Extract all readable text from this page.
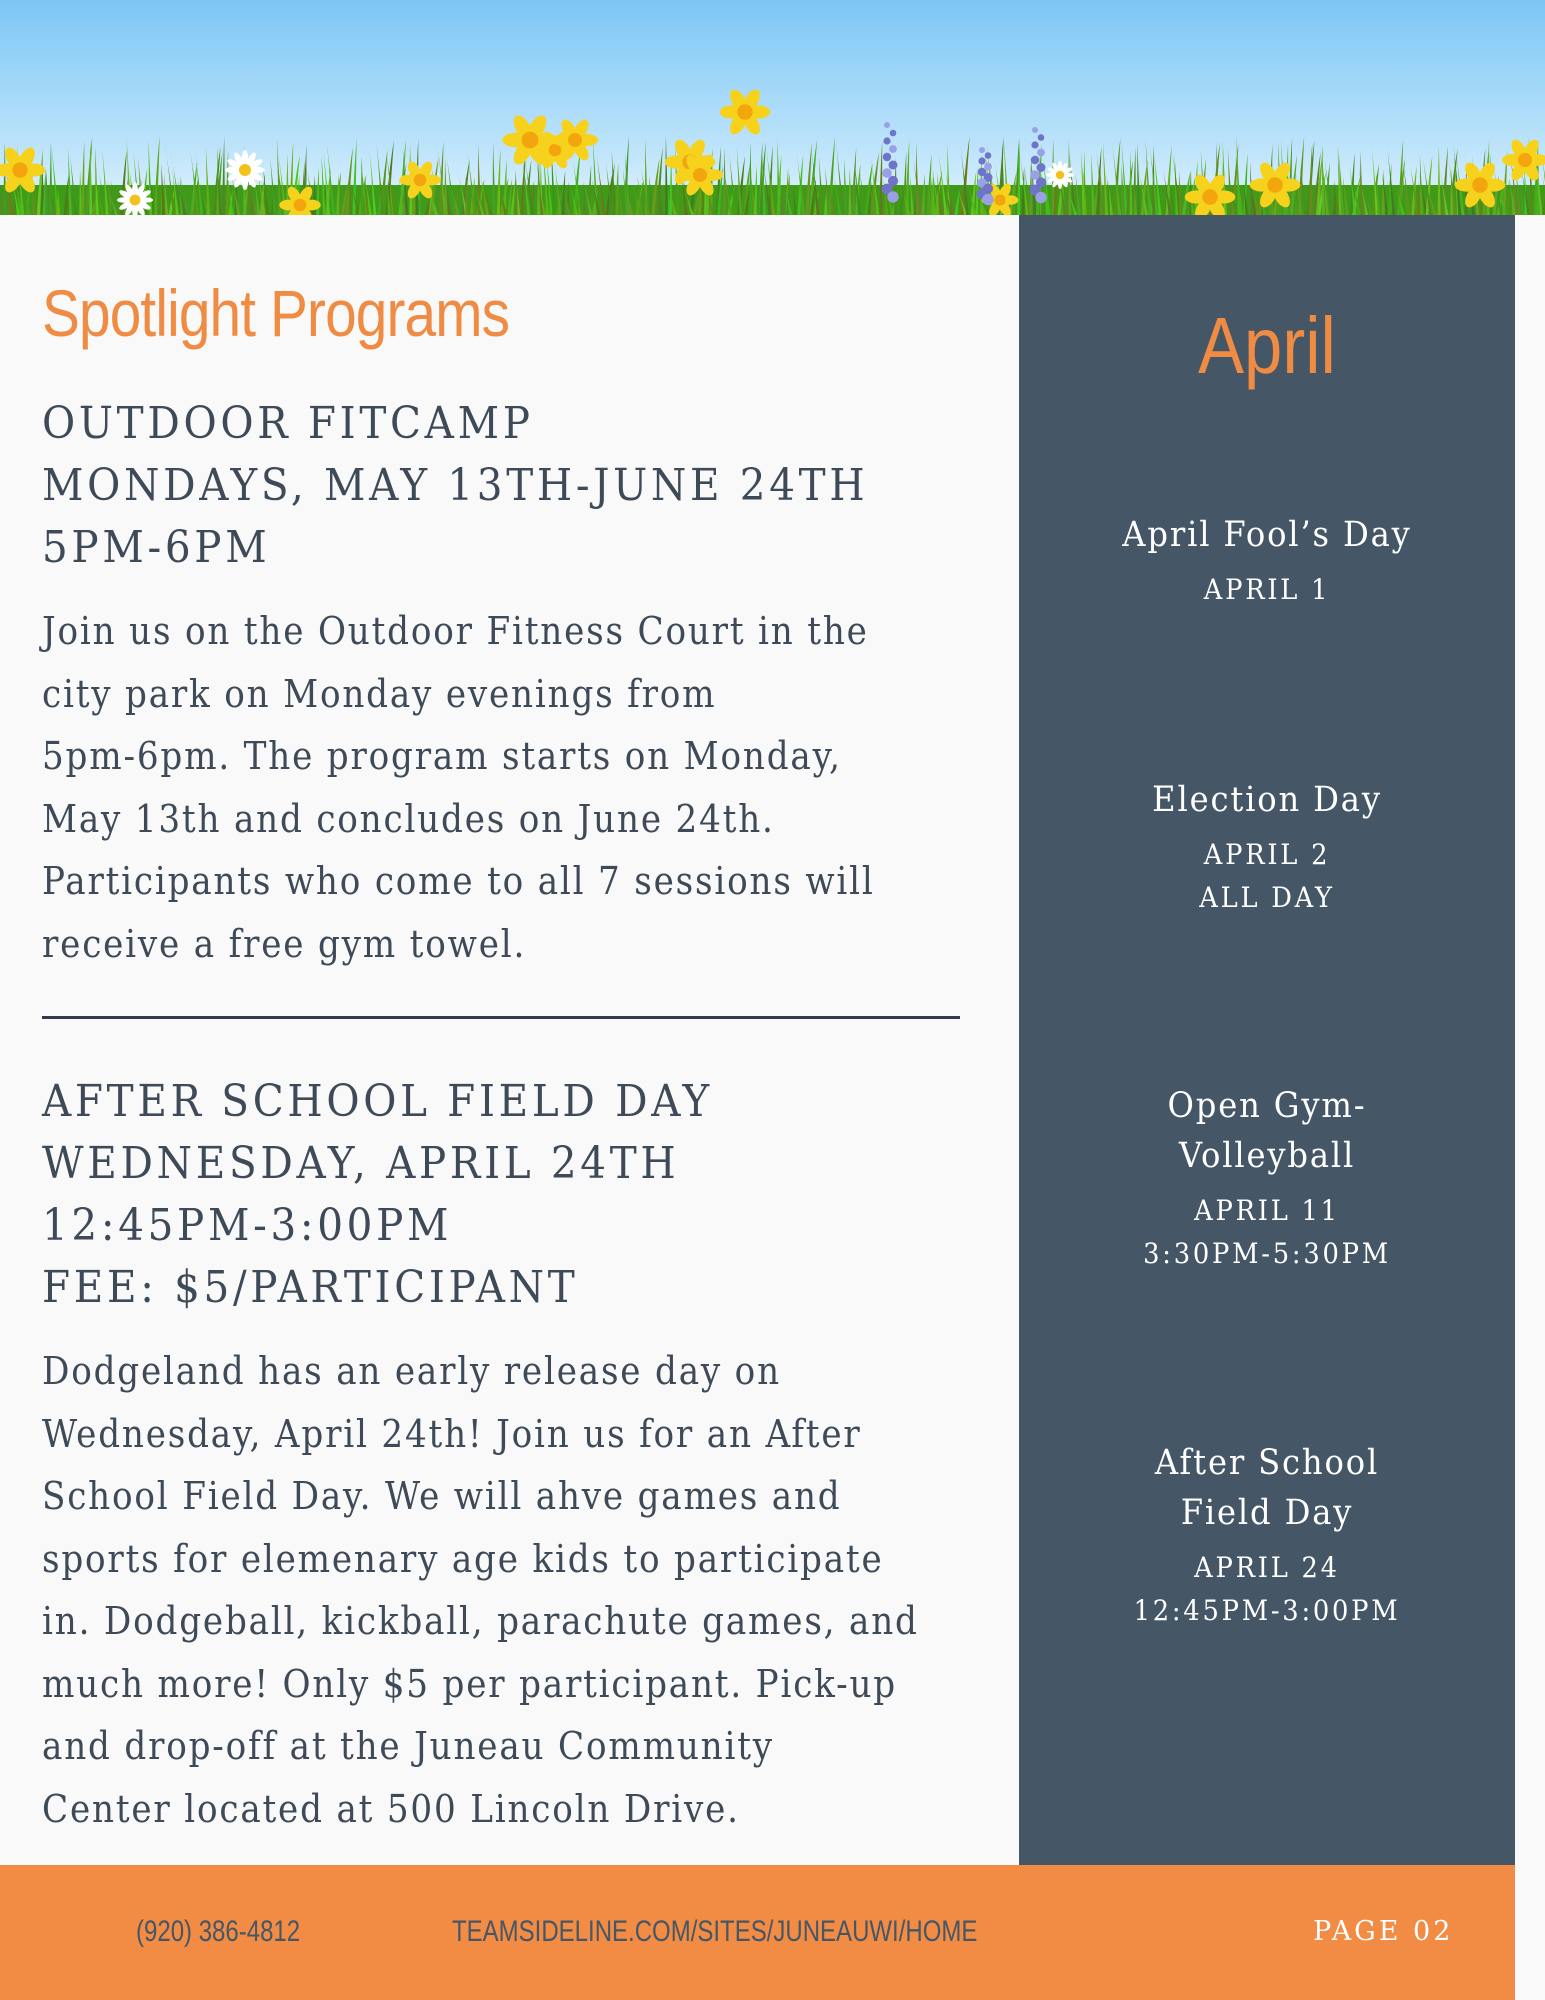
Spotlight Programs
OUTDOOR FITCAMP
MONDAYS, MAY 13TH-JUNE 24TH
5PM-6PM
Join us on the Outdoor Fitness Court in the
city park on Monday evenings from
5pm-6pm. The program starts on Monday,
May 13th and concludes on June 24th.
Participants who come to all 7 sessions will
receive a free gym towel.
AFTER SCHOOL FIELD DAY
WEDNESDAY, APRIL 24TH
12:45PM-3:00PM
FEE: $5/PARTICIPANT
Dodgeland has an early release day on
Wednesday, April 24th! Join us for an After
School Field Day. We will ahve games and
sports for elemenary age kids to participate
in. Dodgeball, kickball, parachute games, and
much more! Only $5 per participant. Pick-up
and drop-off at the Juneau Community
Center located at 500 Lincoln Drive.
April
April Fool’s Day
APRIL 1
Election Day
APRIL 2
ALL DAY
Open Gym-
Volleyball
APRIL 11
3:30PM-5:30PM
After School
Field Day
APRIL 24
12:45PM-3:00PM
(920) 386-4812	TEAMSIDELINE.COM/SITES/JUNEAUWI/HOME	PAGE 02
